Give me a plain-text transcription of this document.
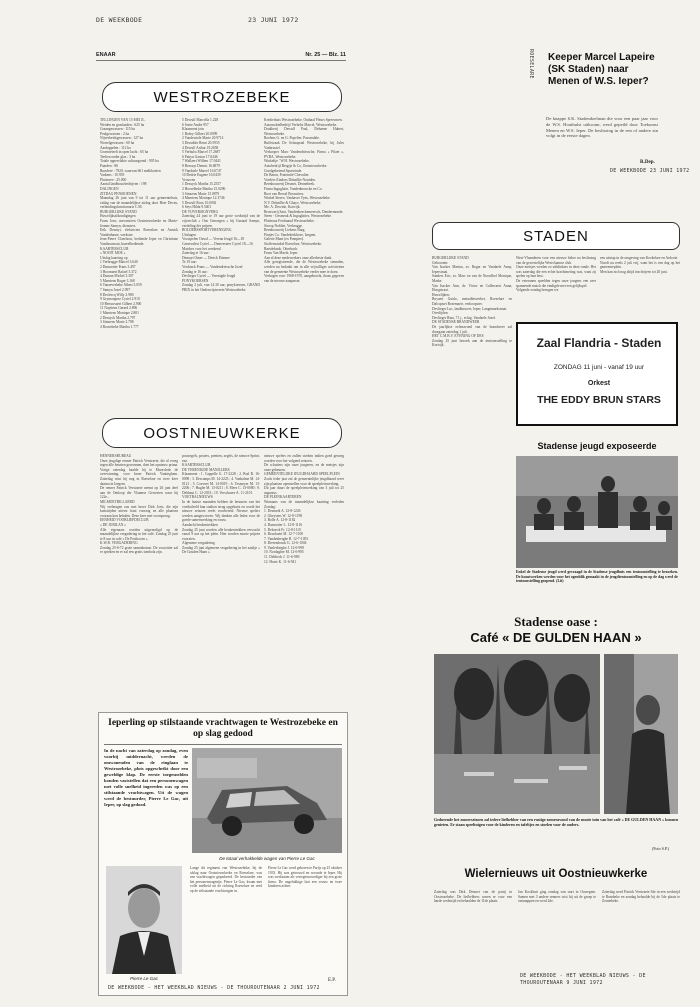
DE WEEKBODE	23 JUNI 1972
ROESELARE
ENAAR	Nr. 25 — Blz. 11
WESTROZEBEKE
TELLINGEN VAN 15 MEI JL.
Weiden en graslanden : 625 ha
Graangewassen : 115 ha
Peulgewassen : 2 ha
Nijverheidsgewassen : 127 ha
Wortelgewassen : 60 ha
Aardappelen : 112 ha
Groenteteelt in open lucht : 65 ha
Teelten onder glas : 3 ha
Totale oppervlakte cultuurgrond : 905 ha
Paarden : 86
Rundvee : 7920, waarvan 661 melkkoeien
Varkens : 10.939
Pluimvee : 25.000
Aantal landbouwbedrijven : 198
DALINGEN
ZITDAG PENSIOENEN
Maandag 26 juni van 9 tot 11 uur gemeentehuis, zitdag van de maandelijkse zitdag door Heer Deceu, verbindingsfunctionaris C.M.
BURGERLIJKE STAND
Huwelijksafkondigingen
Frans Jonc, mecanicien Oostnieuwkerke en Marie-Jeanne Samyn, diensters.
Erik Desmyt, elektricien Roeselare en Annick Vandenhaute, werkster.
Jean-Pierre Claerhout, bediende Ieper en Christiane Vanthournout, bureelbediende.
KAARTERSCLUB
« NOOIT MOE »
Uitslag kaarting op
1 Verbrugge Marcel 3.640
2 Dumortier Frans 3.497
3 Hoornaert Rafael 3.372
4 Dumon Michel 3.307
5 Maertens Roger 3.168
6 Vanaeverbeke Albert 3.059
7 Samyn Jozef 2.997
8 Declercq Willy 2.980
9 Grymonprez Cyriel 2.910
10 Beeuwsaert Gilbert 2.900
11 Nuyttens Gerard 2.896
1 Maertens Monique 2.801
2 Deruyck Martha 2.797
3 Simoens Marie 2.788
4 Roosebeke Martha 1.777
5 Dewulf Marcella 1.228
6 Soete Andre 957
Klaasment join
1 Bobry Gilbert 20.0099
2 Vandewiele Marie 20.9714
3 Derudder Remi 20.5935
4 Dewulf Arthur 19.2658
5 Verhulst Marcel 17.2687
6 Pattyn Gaston 17.0446
7 Wallaert Willem 17.0441
8 Bossuyt Dennis 16.6879
9 Vandaele Marcel 16.6747
10 Dedrie Eugene 16.0439
Vrouwen
1 Deruyck Martha 15.2557
2 Hoorelbeke Martha 15.0296
3 Simoens Marie 13.0879
4 Maertens Monique 12.3746
5 Dewulf Roos 10.0002
6 Seys Hilda 9.5401
DE VIJVERSIGNVERG
Zaterdag 24 juni te 19 uur grote wedstrijd van de vijverclub « Ons Genoegen » bij Gustaaf Samyn, verdeling der prijzen.
BOLDERSSPORTVERENIGING
Uitslagen
Voorspelen Ouwd — Verena Jeugd 16—18
Carnevalest Cyriel — Demeesteer Cyriel 18—16
Matches voor het weekend
Zaterdag te 16 uur:
Demuyt Omer — Derick Etienne
Te 19 uur:
Verdonck Frans — Vandendriessche Jozef
Zondag te 16 uur:
Devlieger Cyriel — Verenigde Jeugd
PONYKOERSEN
Zondag 2 juli, van 14.30 uur, ponykoersen, GRAND PRIX in het Onderwijsterrein Westrozebeke.
Krediethuis Westrozebeke, Onthaal Fleurs Spreeuwen.
Automobielbedrijf Verhelst Marcel, Westrozebeke.
Drukkerij Dewulf Paul, Dehaene Hubert, Westrozebeke.
Roelens G. en G. Popelier, Passendale.
Buffetzaak De Schaapstal Westrozebeke, bij Jules Vanbrussel.
Verkooper Marc Vandendriessche, Firma « Pilaet », PVBA, Westrozebeke.
Winkeltje ' W.H. Westrozebeke.
Autobedrijf Bergtje & Co, Oostnieuwkerke.
Goedgeketend Sporteinde.
De Baron, Fraternité Chevalier.
Voeders Eindors Debaillie Noniden.
Beenhouwerij Desmet, Dennebeek.
Firma Inguglatie, Vandenbroucke en Co.
Boot van Bessel Bossutiers.
Winkel Stereo, Vanhaver Vyns, Westrozebeke.
N.V. Debaillie & Ghaye, Westrozebeke.
Me. A. Dewitte, Kortrijk.
Brouwerij Saut, Vandenheeckemeersch, Dendermonde.
Steen - Gesmeuk & Inguglaties, Westrozebeke.
Platteaux Ferdinand Westrozebeke.
Siroop Nobliet, Verbrugge.
Beenhouwerij Liekens Burg.
Pintjes Co. Vandekerkhove, Izegem.
Galerie Munt (ex Pompier).
Stoffenwinkel Roeselare, Westrozebeke.
Barsdeknok, Otterbach.
Frans Van Maele, Ieper.
Aan al deze medewerkers onze allerbeste dank.
Alle geregistreerde, die de Westrozebeke steunden, werden nu bedankt om in alle vrijwilliger activiteiten van de gemeente Westrozebeke verder mee te doen.
Verhogen voor 1968-1970, aangebracht, thans gegeven van de nieuwe aanpasser.
OOSTNIEUWKERKE
HENNERSBUREAU
Onze jeugdige renner Patrick Verstraete, die al vroeg tegen alle beurten gewonnen, doet het opnieuw prima. Vorige zaterdag haalde hij te Moorslede de overwinning, voor broer Patrick Vantieghem. Zaterdag wint hij nog in Roeselare en twee keer daarna in Izegem.
De renner Patrick Verstraete neemt op 26 juni deel aan de Omloop der Vlaamse Gewesten waar hij 122e...
MILMOETBILLAERD
Wij verheugen ons met broer Dirk Joris, die zijn kunstrijden uiterst fraai voorzag en alle plaatsen vooraan kon behalen. Deze keer met voorsprong.
EENHEID VOORLIEFDECLUB
« DE JUBILAN »
Alle eigenaars worden uitgenodigd op de maandelijkse vergadering in het café. Zondag 25 juni te 8 uur in café « De Posthoorn ».
K.W.B. VERGADERING
Zondag 25-6-72 grote samenkomst. De voorzitter zal er spreken en er zal een gratis tombola zijn.
postzegels, posters, prenten, zegels, de nieuwe Sprint, enz.
KAARTERSCLUB
DE VERENIGDE MANILLERS
Klaasment : 1. Cappelle G. 17-2228 ; 2. Bral R. 16-0098 ; 3. Descamps M. 14-2223 ; 4. Vanhalme M. 14-0121 ; 5. Coevoet M. 14-0019 ; 6. Tesmeyer M. 13-2206 ; 7. Hughe M. 13-0211 ; 8. Mees C. 13-0080 ; 9. Debbaut C. 12-2033 ; 10. Verschuere A. 11-2101.
VOETBALNIEUWS
In de laatste maanden hebben de besturen van het voetbalveld hun stadion terug opgekuist en wordt het nieuwe seizoen reeds voorbereid. Nieuwe spelers werden aangeworven. Wij danken alle leden voor de goede samenwerking en trouw.
Aandacht beukentrekken
Zondag 25 juni worden alle beukentrekken verwacht vanaf 9 uur op het plein. Hier worden mooie prijzen voorzien.
Algemene vergadering
Zondag 25 juni algemene vergadering in het zaaltje « De Gouden Haan ».
nieuwe spelers en zullen streken indien goed genoeg worden voor het volgend seizoen.
De schutters zijn onze jongeren, en de meisjes zijn onze gebeuren.
GEMEENTELIJKE JEUGDHAARD SPEELPLEIN
Zoals ieder jaar zal de gemeentelijke jeugdhaard weer zijn plaatsen openstellen voor de speelpleinwerking.
Dit jaar duurt de speelpleinwerking van 3 juli tot 25 augustus.
DE PLEINKAARTEREN
Winnaars van de maandelijkse kaarting verleden Zondag:
1. Desmedt A. 12-8-1226
2. Gheysens W. 12-8-1198
3. Bolle A. 12-8-1182
4. Dumortier L. 12-8-1116
5. Deboeck Fr. 12-8-1110
6. Bouckaert M. 12-7-1100
7. Vandenberghe R. 12-7-1053
8. Dierendonck G. 12-6-1004
9. Vanlerberghe J. 12-6-998
10. Nordagher M. 12-6-985
11. Deblieck J. 11-6-980
12. Hoste K. 11-6-941
Ieperling op stilstaande vrachtwagen te Westrozebeke en op slag gedood
In de nacht van zaterdag op zondag, even voorbij middernacht, werden de omwonenden van de ringlaan te Westrozebeke, plots opgeschrikt door een geweldige klap. De eerste toegesnelden konden vaststellen dat een personenwagen met volle snelheid ingereden was op een stilstaande vrachtwagen. Uit de wagen werd de bestuurder, Pierre Le Gac, uit Ieper, op slag gedood.
De totaal verhakkelde wagen van Pierre Le Gac
Pierre Le Gac
Lange dit regiment van Westrozebeke, bij de afslag naar Oostnieuwkerke en Roeselare, was een vrachtwagen geparkeerd. De bestuurder van het personenwagentje, Pierre Le Gac, kwam met volle snelheid uit de richting Roeselare en reed op de stilstaande vrachtwagen in.
Pierre Le Gac werd geboren te Parijs op 25 oktober 1933. Hij was getrouwd en woonde te Ieper. Hij was werkzaam als vertegenwoordiger bij een grote firma. De ongelukkige laat een vrouw en twee kinderen achter.
E.P.
DE WEEKBODE - HET WEEKBLAD NIEUWS - DE THOUROUTENAAR 2 JUNI 1972
Keeper Marcel Lapeire (SK Staden) naar Menen of W.S. Ieper?
De knappe S.K. Stadendoelman die voor een paar jaar voor de W.S. Houthulst uitkwam, werd gepeild door Toekomst Menen en W.S. Ieper. De beslissing in de een of andere zin volgt in de eerste dagen.
R.Dep.
DE WEEKBODE 23 JUNI 1972
STADEN
BURGERLIJKE STAND
Geboorten:
Van Isacker Marina, zv. Roger en Vandaele Anny, Ieperstraat.
Sanders Eric, zv. Marc en van de Noordhof Monique, Marke.
Van Isacker Ann, dv. Victor en Callewaert Anna, Hoogstraat.
Huwelijken:
Boyaert Guido, metaalbewerker, Roeselare en Dalcqouet Rosemarie, verkoopster.
Devlieger Luc, landbouwer, Ieper, Langemarkstraat.
Overlijden:
Devlieger Rina, 71 j., echtg. Vandaele Jozef.
DE STADENSE BRANDWEER
De jaarlijkse oefenavond van de brandweer zal doorgaan zaterdag 1 juli.
HET C.M.B.V. EVENING OF DES
Zondag 25 juni bezoek aan de tentoonstelling te Kortrijk.
West-Vlaanderen voor een nieuwe beker na beslissing van de gewestelijke Westvlaamse club.
Onze meisjes werden zo uitblinkers in deze ronde. Het was zaterdag die een echte krachtmeting was, want zij spelen op hun best.
De veteranen speelden tegen onze jongens een zeer spannende match die eindigde met een gelijkspel.
Volgende zondag brengen we
een uitstap in de omgeving van Koekelare en Ardooie.
Noodt nu reeds 2 juli vrij, want het is een dag op het gemeenteplein.
Men kan zich nog altijd inschrijven tot 20 juni.
Zaal Flandria - Staden
ZONDAG 11 juni - vanaf 19 uur
Orkest
THE EDDY BRUN STARS
Stadense jeugd exposeerde
Enkel de Stadense jeugd werd gevraagd in de Stadense jeugdhuis een tentoonstelling te bezoeken. De kunstwerken werden voor het ogenblik gemaakt in de jeugdtentoonstelling en op de dag werd de tentoonstelling geopend. (Lit)
Stadense oase :
Café « DE GULDEN HAAN »
Gedurende het zomerseizoen zal iedere liefhebber van een rustige zomeravond van de mooie tuin van het café « DE GULDEN HAAN » kunnen genieten. Er staan speeltuigen voor de kinderen en tafeltjes en stoelen voor de ouders.
(Foto S.P.)
Wielernieuws uit Oostnieuwkerke
Zaterdag was Dirk Desmet van de partij in Oostrozebeke. De liefhebbers waren er voor een harde wedstrijd en behaalden de 11de plaats.
Jan Kockhuit ging zondag van start in Ouwegem. Samen met 3 andere renners wist hij uit de groep te ontsnappen en werd 2de.
Zaterdag werd Patrick Verstraete 3de in een wedstrijd te Rumbeke en zondag behaalde hij de 5de plaats te Zonnebeke.
DE WEEKBODE - HET WEEKBLAD NIEUWS - DE THOUROUTENAAR 9 JUNI 1972
